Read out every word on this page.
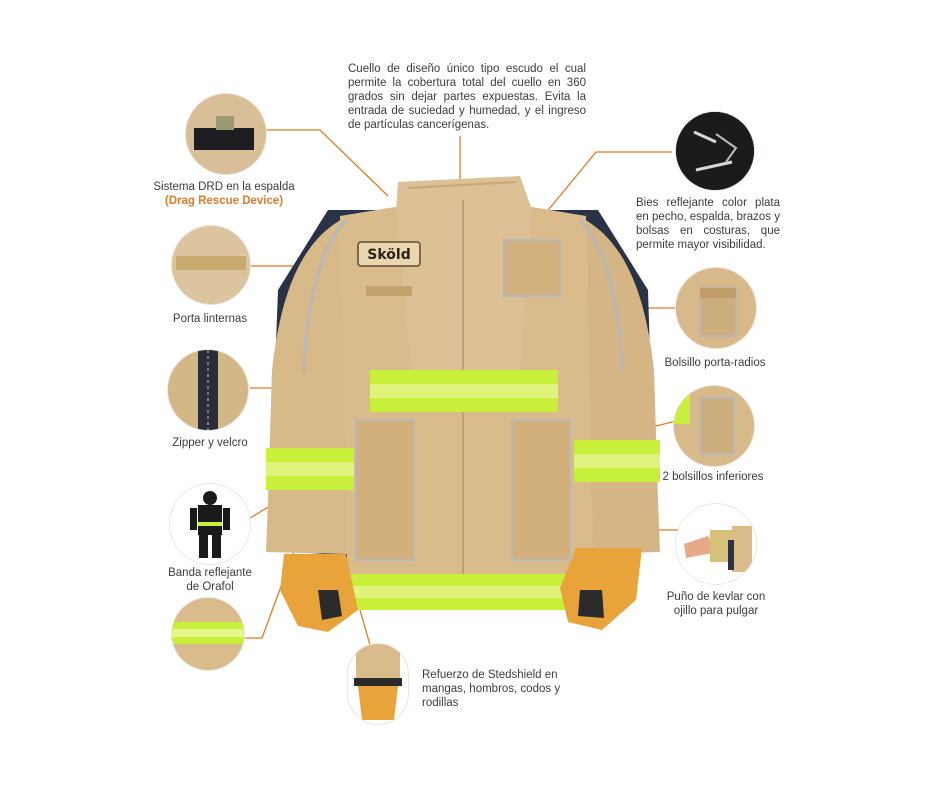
Sköld
Cuello de diseño único tipo escudo el cual permite la cobertura total del cuello en 360 grados sin dejar partes expuestas. Evita la entrada de suciedad y humedad, y el ingreso de partículas cancerígenas.
Sistema DRD en la espalda
(Drag Rescue Device)
Porta linternas
Zipper y velcro
Banda reflejante de Orafol
Bies reflejante color plata en pecho, espalda, brazos y bolsas en costuras, que permite mayor visibilidad.
Bolsillo porta-radios
2 bolsillos inferiores
Puño de kevlar con ojillo para pulgar
Refuerzo de Stedshield en mangas, hombros, codos y rodillas
